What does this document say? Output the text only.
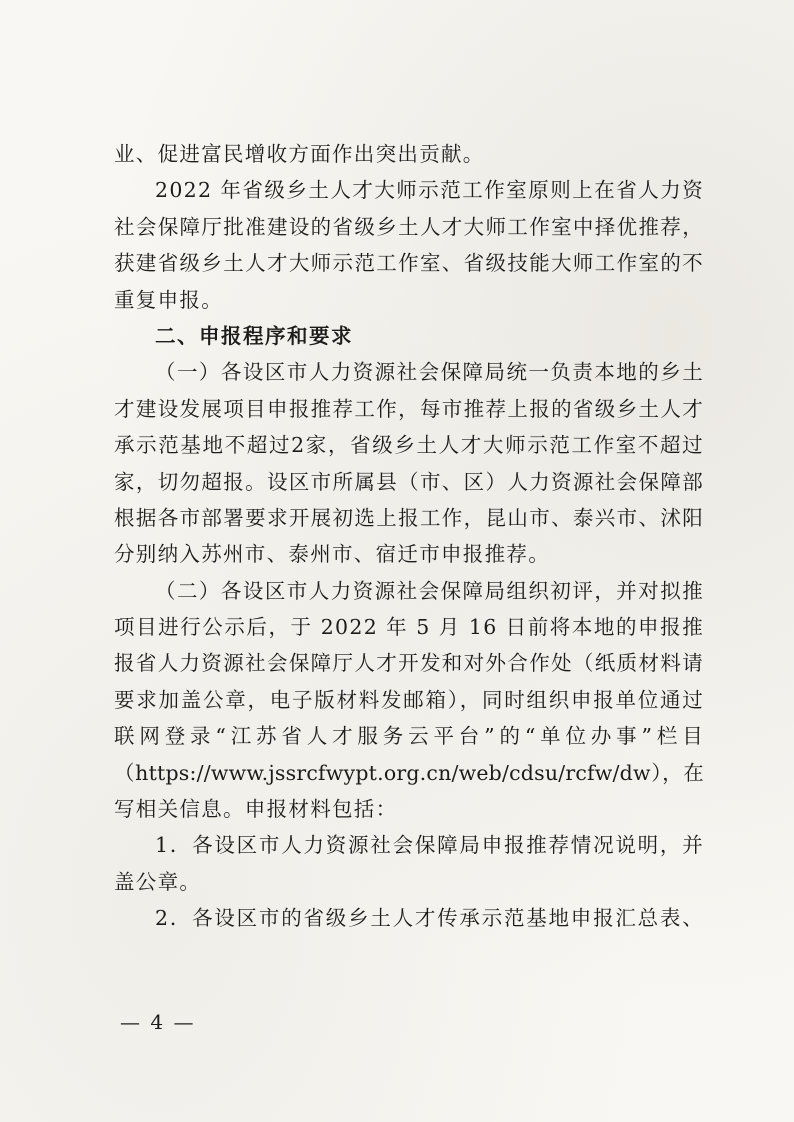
业、促进富民增收方面作出突出贡献。
2022 年省级乡土人才大师示范工作室原则上在省人力资
社会保障厅批准建设的省级乡土人才大师工作室中择优推荐，
获建省级乡土人才大师示范工作室、省级技能大师工作室的不
重复申报。
二、申报程序和要求
（一）各设区市人力资源社会保障局统一负责本地的乡土
才建设发展项目申报推荐工作，每市推荐上报的省级乡土人才
承示范基地不超过2家，省级乡土人才大师示范工作室不超过
家，切勿超报。设区市所属县（市、区）人力资源社会保障部
根据各市部署要求开展初选上报工作，昆山市、泰兴市、沭阳
分别纳入苏州市、泰州市、宿迁市申报推荐。
（二）各设区市人力资源社会保障局组织初评，并对拟推
项目进行公示后，于 2022 年 5 月 16 日前将本地的申报推
报省人力资源社会保障厅人才开发和对外合作处（纸质材料请
要求加盖公章，电子版材料发邮箱），同时组织申报单位通过
联网登录“江苏省人才服务云平台”的“单位办事”栏目
（https://www.jssrcfwypt.org.cn/web/cdsu/rcfw/dw），在
写相关信息。申报材料包括：
1．各设区市人力资源社会保障局申报推荐情况说明，并
盖公章。
2．各设区市的省级乡土人才传承示范基地申报汇总表、
— 4 —
